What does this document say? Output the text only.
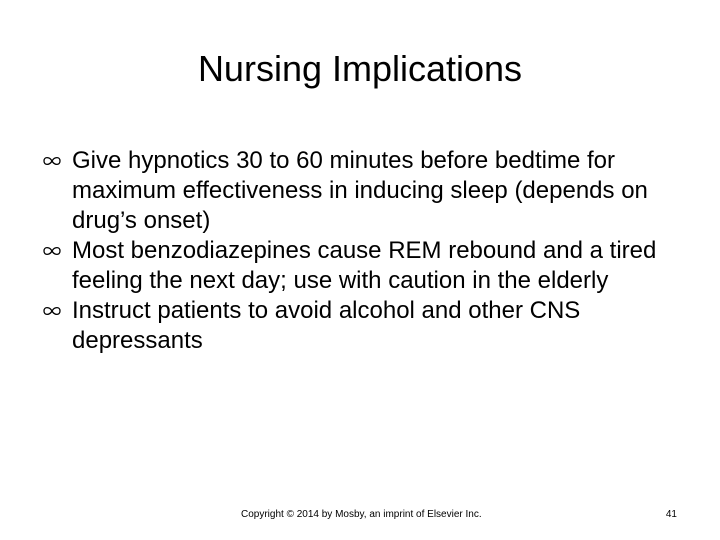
Nursing Implications
Give hypnotics 30 to 60 minutes before bedtime for maximum effectiveness in inducing sleep (depends on drug’s onset)
Most benzodiazepines cause REM rebound and a tired feeling the next day; use with caution in the elderly
Instruct patients to avoid alcohol and other CNS depressants
Copyright © 2014 by Mosby, an imprint of Elsevier Inc.	41
